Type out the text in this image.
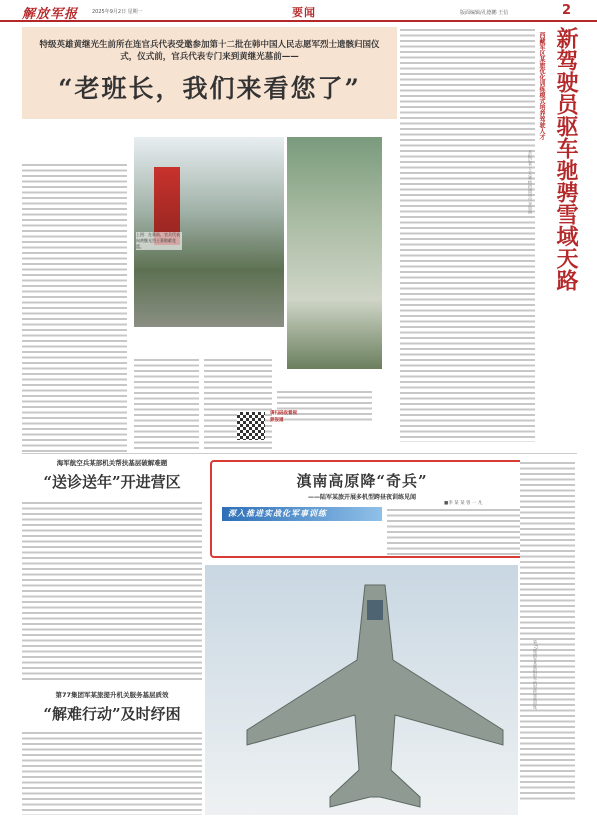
解放军报	2025年9月2日 星期一	要闻	版面编辑/孔德鹏 王信	2
特级英雄黄继光生前所在连官兵代表受邀参加第十二批在韩中国人民志愿军烈士遗骸归国仪式，仪式前，官兵代表专门来到黄继光墓前——
“老班长，我们来看您了”
上图：在墓前，官兵代表向黄继光烈士墓敬献花篮。
请扫码收看视频报道
新驾驶员驱车驰骋雪域天路
西藏军区某旅优化训练模式培养驾驶人才
本报记者 王天驰 特约通讯员 李如雨
海军航空兵某部机关帮扶基层破解难题
“送诊送年”开进营区
第77集团军某旅提升机关服务基层质效
“解难行动”及时纾困
滇南高原降“奇兵”
——陆军某旅开展多机型跨昼夜训练见闻
深入推进实战化军事训练
■李 某 某 曾 一 凡
第77集团军某旅组织多机型跨昼夜训练。
